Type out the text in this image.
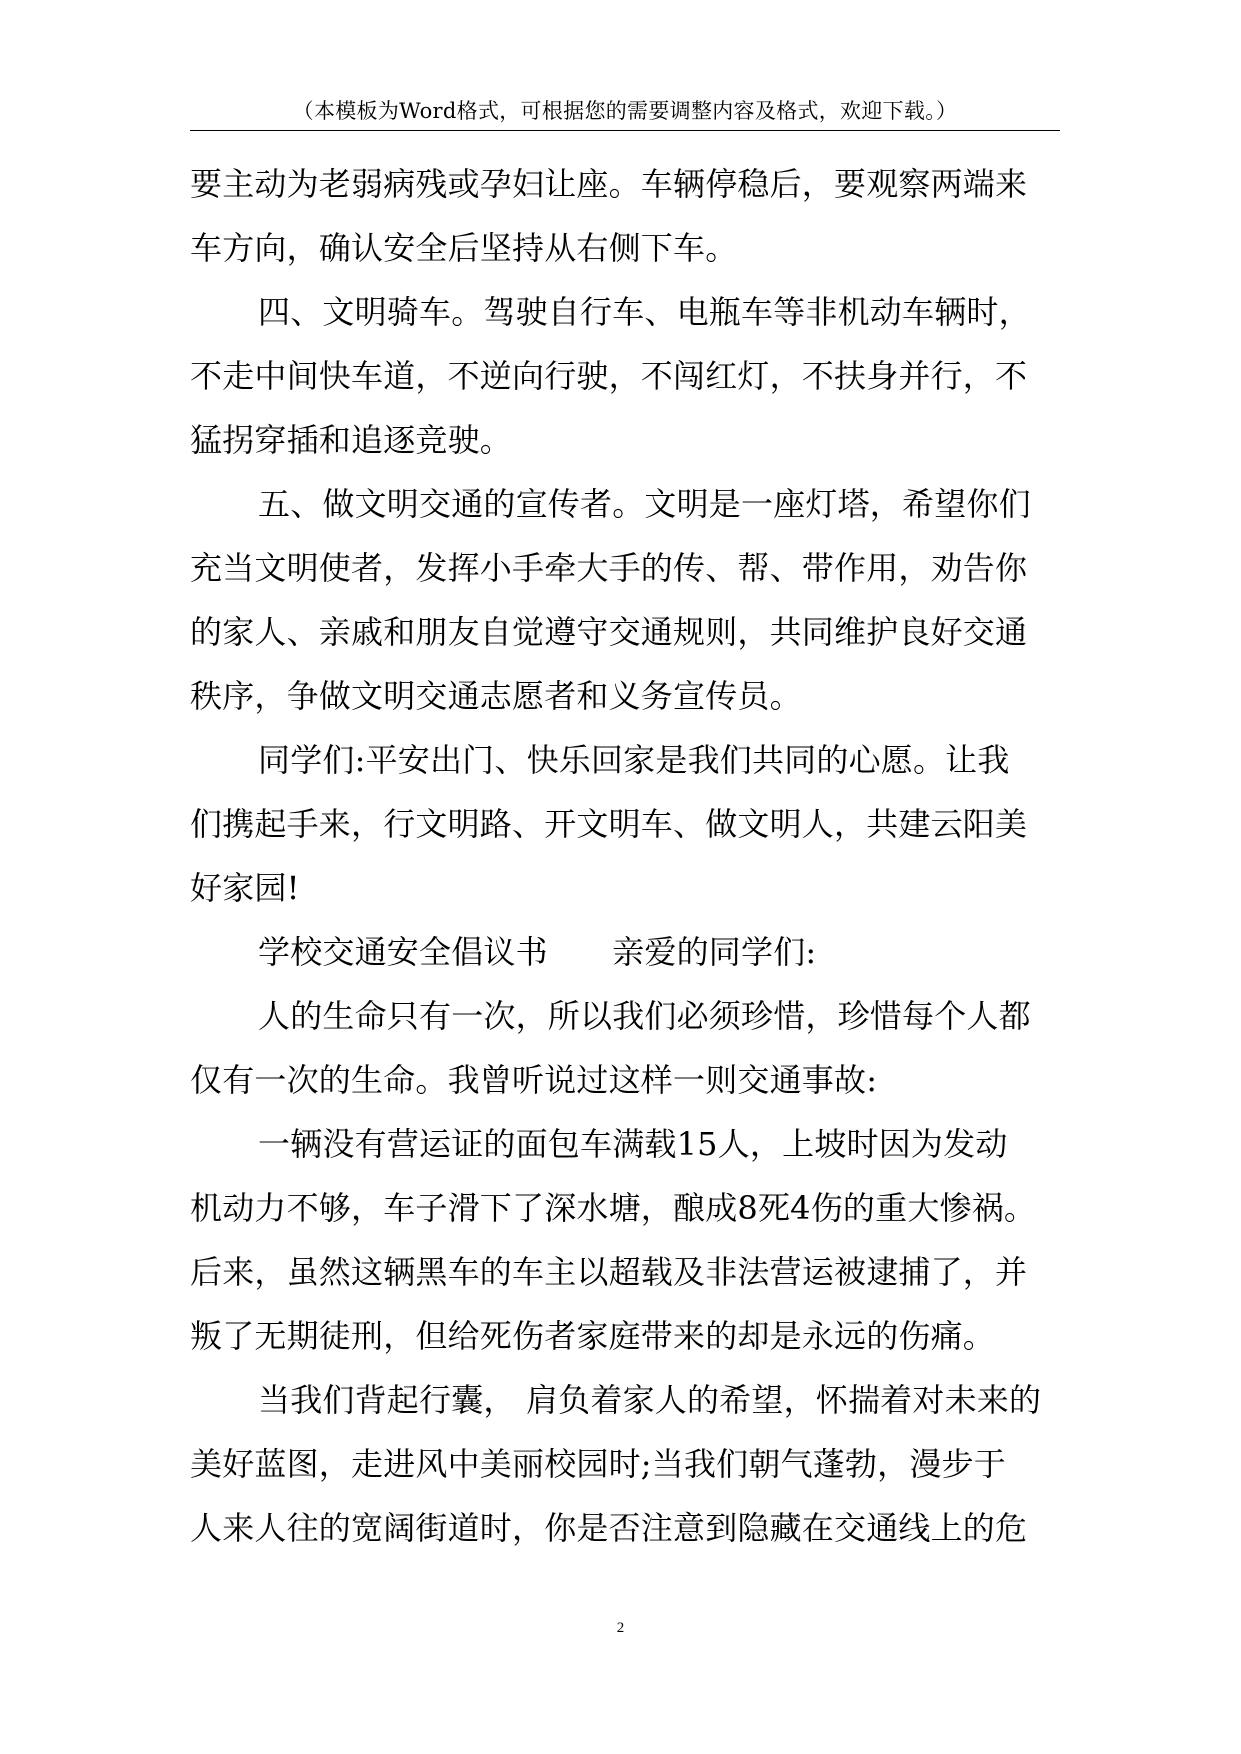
（本模板为Word格式，可根据您的需要调整内容及格式，欢迎下载。）
要主动为老弱病残或孕妇让座。车辆停稳后，要观察两端来
车方向，确认安全后坚持从右侧下车。
四、文明骑车。驾驶自行车、电瓶车等非机动车辆时，
不走中间快车道，不逆向行驶，不闯红灯，不扶身并行，不
猛拐穿插和追逐竞驶。
五、做文明交通的宣传者。文明是一座灯塔，希望你们
充当文明使者，发挥小手牵大手的传、帮、带作用，劝告你
的家人、亲戚和朋友自觉遵守交通规则，共同维护良好交通
秩序，争做文明交通志愿者和义务宣传员。
同学们:平安出门、快乐回家是我们共同的心愿。让我
们携起手来，行文明路、开文明车、做文明人，共建云阳美
好家园!
学校交通安全倡议书　　亲爱的同学们:
人的生命只有一次，所以我们必须珍惜，珍惜每个人都
仅有一次的生命。我曾听说过这样一则交通事故:
一辆没有营运证的面包车满载15人，上坡时因为发动
机动力不够，车子滑下了深水塘，酿成8死4伤的重大惨祸。
后来，虽然这辆黑车的车主以超载及非法营运被逮捕了，并
叛了无期徒刑，但给死伤者家庭带来的却是永远的伤痛。
当我们背起行囊， 肩负着家人的希望，怀揣着对未来的
美好蓝图，走进风中美丽校园时;当我们朝气蓬勃，漫步于
人来人往的宽阔街道时，你是否注意到隐藏在交通线上的危
2
